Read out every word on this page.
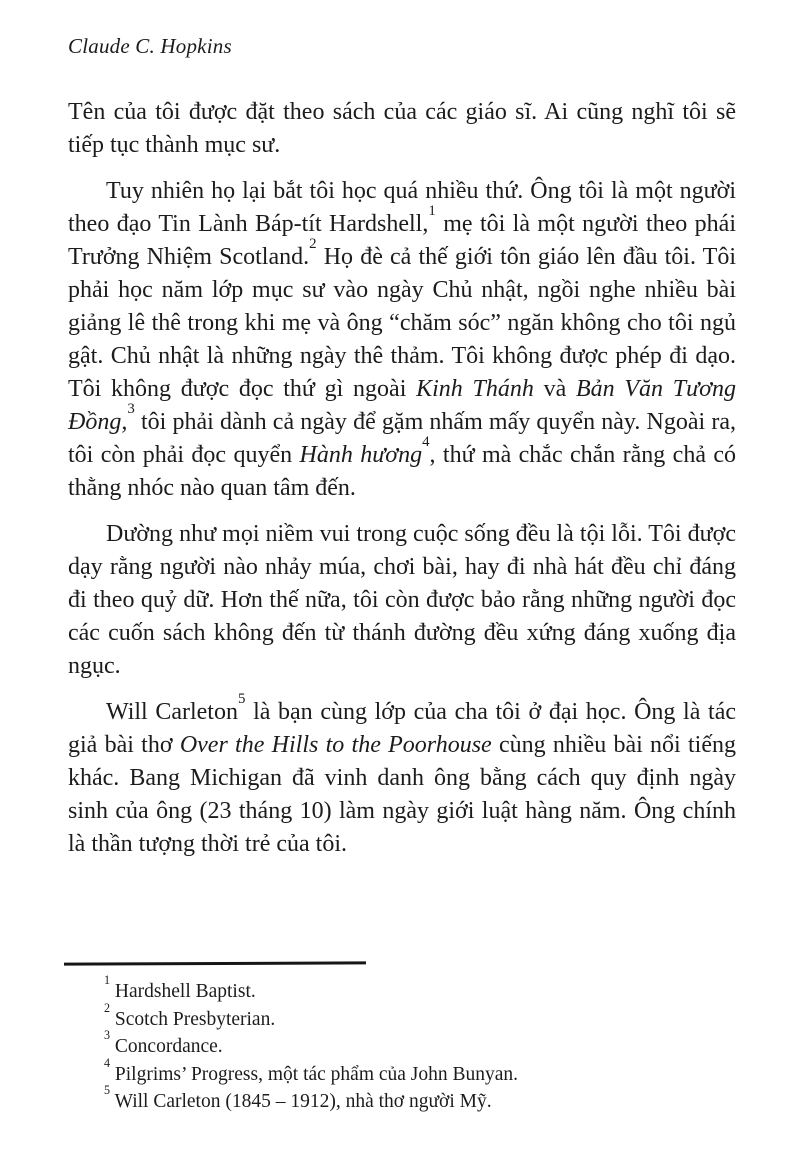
Claude C. Hopkins

Tên của tôi được đặt theo sách của các giáo sĩ. Ai cũng nghĩ tôi sẽ tiếp tục thành mục sư.

Tuy nhiên họ lại bắt tôi học quá nhiều thứ. Ông tôi là một người theo đạo Tin Lành Báp-tít Hardshell,$^1$ mẹ tôi là một người theo phái Trưởng Nhiệm Scotland.$^2$ Họ đè cả thế giới tôn giáo lên đầu tôi. Tôi phải học năm lớp mục sư vào ngày Chủ nhật, ngồi nghe nhiều bài giảng lê thê trong khi mẹ và ông “chăm sóc” ngăn không cho tôi ngủ gật. Chủ nhật là những ngày thê thảm. Tôi không được phép đi dạo. Tôi không được đọc thứ gì ngoài Kinh Thánh và Bản Văn Tương Đồng,$^3$ tôi phải dành cả ngày để gặm nhấm mấy quyển này. Ngoài ra, tôi còn phải đọc quyển Hành hương$^4$, thứ mà chắc chắn rằng chả có thằng nhóc nào quan tâm đến.

Dường như mọi niềm vui trong cuộc sống đều là tội lỗi. Tôi được dạy rằng người nào nhảy múa, chơi bài, hay đi nhà hát đều chỉ đáng đi theo quỷ dữ. Hơn thế nữa, tôi còn được bảo rằng những người đọc các cuốn sách không đến từ thánh đường đều xứng đáng xuống địa ngục.

Will Carleton$^5$ là bạn cùng lớp của cha tôi ở đại học. Ông là tác giả bài thơ Over the Hills to the Poorhouse cùng nhiều bài nổi tiếng khác. Bang Michigan đã vinh danh ông bằng cách quy định ngày sinh của ông (23 tháng 10) làm ngày giới luật hàng năm. Ông chính là thần tượng thời trẻ của tôi.

$^1$ Hardshell Baptist.

$^2$ Scotch Presbyterian.

$^3$ Concordance.

$^4$ Pilgrims’ Progress, một tác phẩm của John Bunyan.

$^5$ Will Carleton (1845 – 1912), nhà thơ người Mỹ.
